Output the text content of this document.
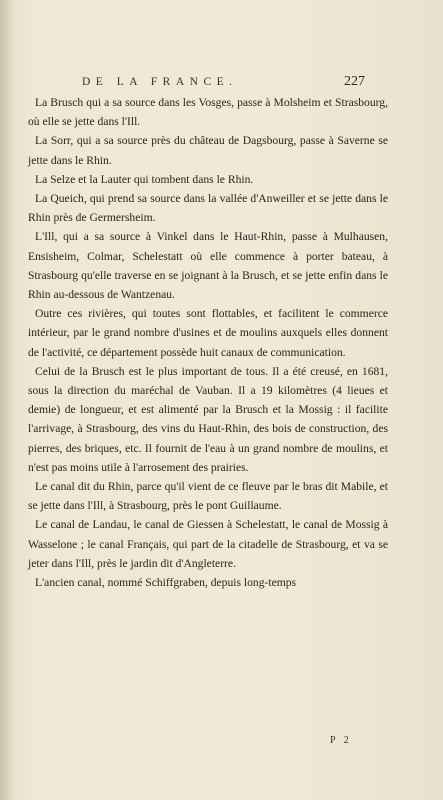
DE LA FRANCE.	227

La Brusch qui a sa source dans les Vosges, passe à Molsheim et Strasbourg, où elle se jette dans l'Ill.

La Sorr, qui a sa source près du château de Dagsbourg, passe à Saverne se jette dans le Rhin.

La Selze et la Lauter qui tombent dans le Rhin.

La Queich, qui prend sa source dans la vallée d'Anweiller et se jette dans le Rhin près de Germersheim.

L'Ill, qui a sa source à Vinkel dans le Haut-Rhin, passe à Mulhausen, Ensisheim, Colmar, Schelestatt où elle commence à porter bateau, à Strasbourg qu'elle traverse en se joignant à la Brusch, et se jette enfin dans le Rhin au-dessous de Wantzenau.

Outre ces rivières, qui toutes sont flottables, et facilitent le commerce intérieur, par le grand nombre d'usines et de moulins auxquels elles donnent de l'activité, ce département possède huit canaux de communication.

Celui de la Brusch est le plus important de tous. Il a été creusé, en 1681, sous la direction du maréchal de Vauban. Il a 19 kilomètres (4 lieues et demie) de longueur, et est alimenté par la Brusch et la Mossig : il facilite l'arrivage, à Strasbourg, des vins du Haut-Rhin, des bois de construction, des pierres, des briques, etc. Il fournit de l'eau à un grand nombre de moulins, et n'est pas moins utile à l'arrosement des prairies.

Le canal dit du Rhin, parce qu'il vient de ce fleuve par le bras dit Mabile, et se jette dans l'Ill, à Strasbourg, près le pont Guillaume.

Le canal de Landau, le canal de Giessen à Schelestatt, le canal de Mossig à Wasselone ; le canal Français, qui part de la citadelle de Strasbourg, et va se jeter dans l'Ill, près le jardin dit d'Angleterre.

L'ancien canal, nommé Schiffgraben, depuis long-temps

P 2
